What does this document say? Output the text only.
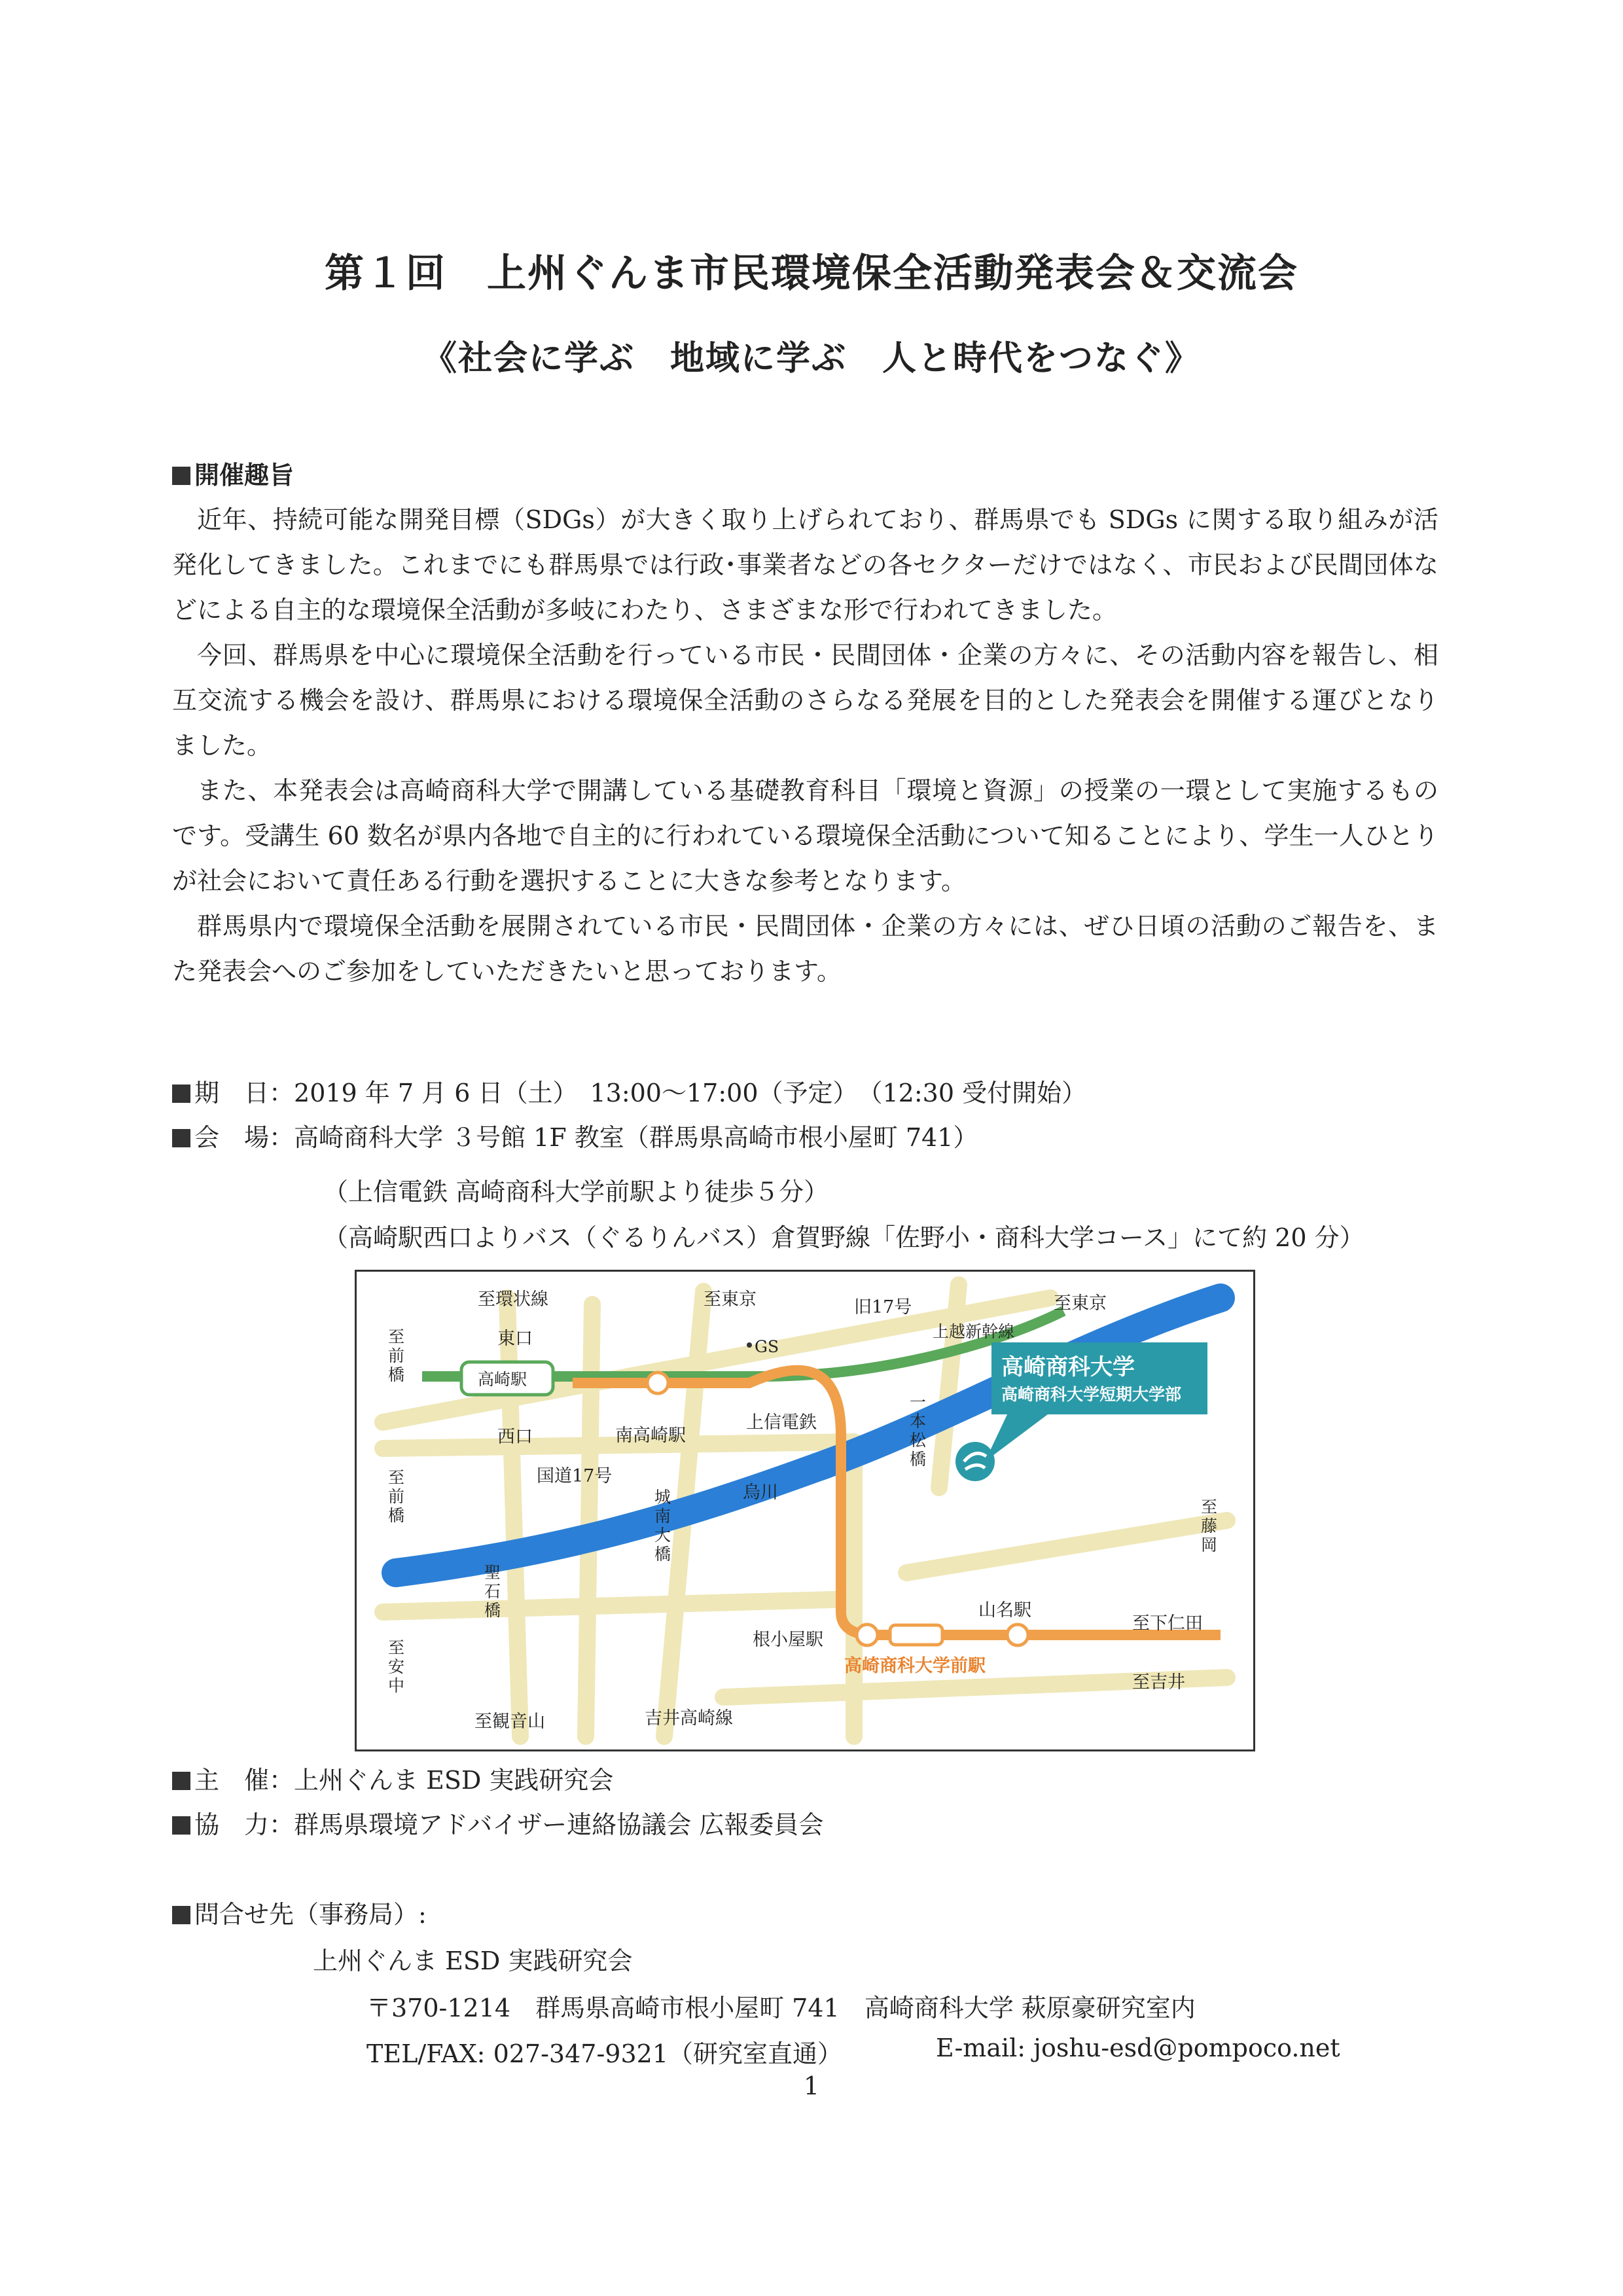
第１回　上州ぐんま市民環境保全活動発表会＆交流会
《社会に学ぶ　地域に学ぶ　人と時代をつなぐ》
開催趣旨

近年、持続可能な開発目標（SDGs）が大きく取り上げられており、群馬県でも SDGs に関する取り組みが活発化してきました。これまでにも群馬県では行政･事業者などの各セクターだけではなく、市民および民間団体などによる自主的な環境保全活動が多岐にわたり、さまざまな形で行われてきました。

今回、群馬県を中心に環境保全活動を行っている市民・民間団体・企業の方々に、その活動内容を報告し、相互交流する機会を設け、群馬県における環境保全活動のさらなる発展を目的とした発表会を開催する運びとなりました。

また、本発表会は高崎商科大学で開講している基礎教育科目「環境と資源」の授業の一環として実施するものです。受講生 60 数名が県内各地で自主的に行われている環境保全活動について知ることにより、学生一人ひとりが社会において責任ある行動を選択することに大きな参考となります。

群馬県内で環境保全活動を展開されている市民・民間団体・企業の方々には、ぜひ日頃の活動のご報告を、また発表会へのご参加をしていただきたいと思っております。

期　日：2019 年 7 月 6 日（土）　13:00～17:00（予定）　（12:30 受付開始）
会　場：高崎商科大学 ３号館 1F 教室（群馬県高崎市根小屋町 741）
（上信電鉄 高崎商科大学前駅より徒歩５分）
（高崎駅西口よりバス（ぐるりんバス）倉賀野線「佐野小・商科大学コース」にて約 20 分）
至環状線	至東京	旧17号	至東京
上越新幹線
東口	GS
至前橋	高崎駅
西口	南高崎駅
上信電鉄
一本松橋
至前橋
国道17号
烏川
城南大橋
至藤岡
聖石橋	山名駅
至下仁田
根小屋駅
高崎商科大学前駅
至安中	至吉井
至観音山	吉井高崎線
高崎商科大学
高崎商科大学短期大学部
主　催：上州ぐんま ESD 実践研究会
協　力：群馬県環境アドバイザー連絡協議会 広報委員会
問合せ先（事務局）:
上州ぐんま ESD 実践研究会
〒370-1214　群馬県高崎市根小屋町 741　高崎商科大学 萩原豪研究室内
TEL/FAX: 027-347-9321（研究室直通）	E-mail: joshu-esd@pompoco.net
1
